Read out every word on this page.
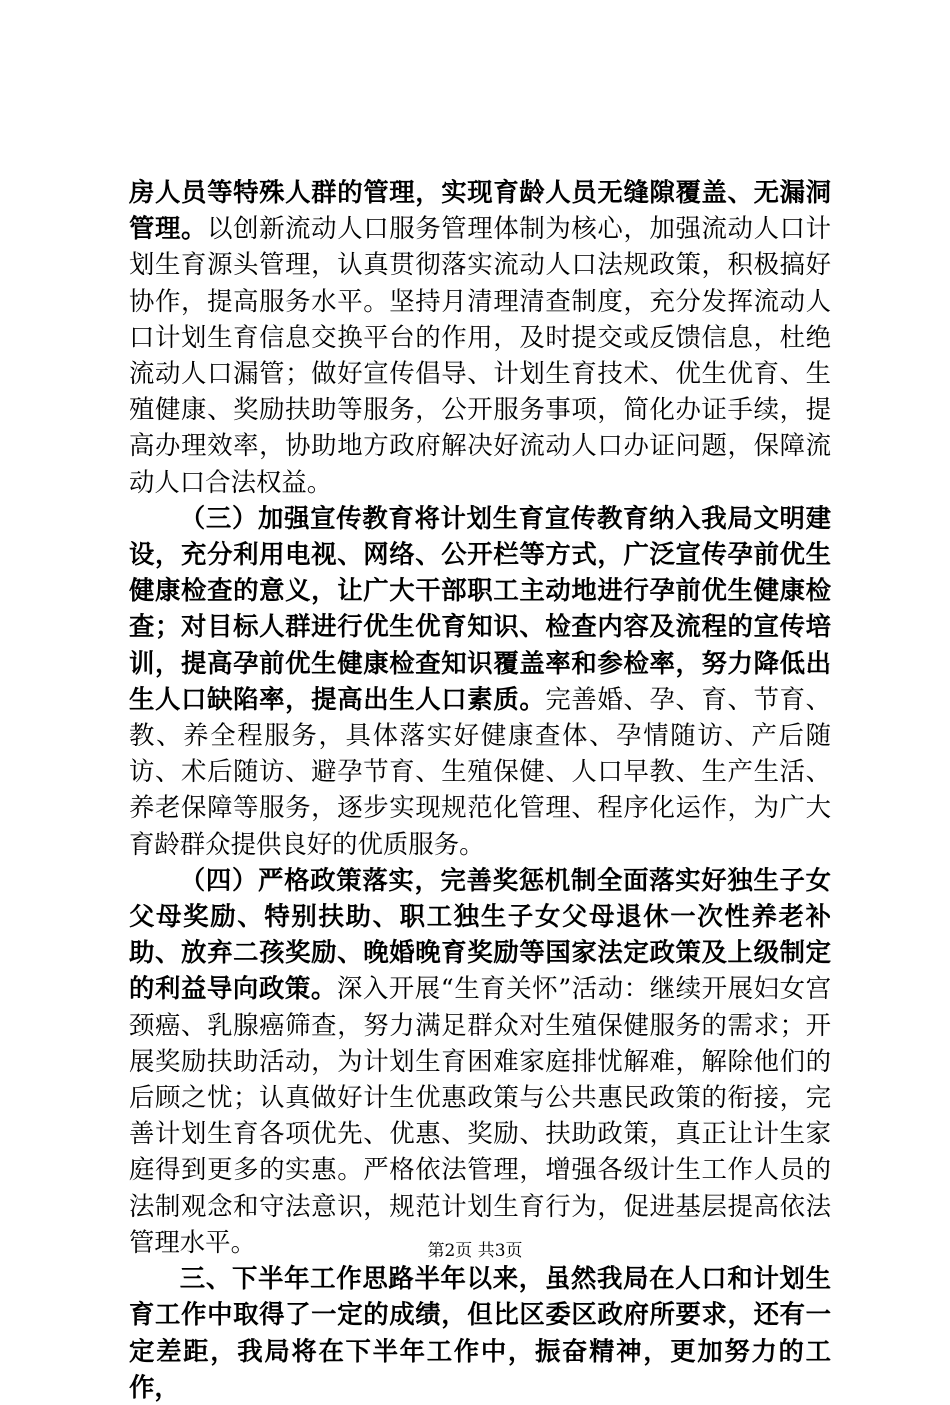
房人员等特殊人群的管理，实现育龄人员无缝隙覆盖、无漏洞管理。以创新流动人口服务管理体制为核心，加强流动人口计划生育源头管理，认真贯彻落实流动人口法规政策，积极搞好协作，提高服务水平。坚持月清理清查制度，充分发挥流动人口计划生育信息交换平台的作用，及时提交或反馈信息，杜绝流动人口漏管；做好宣传倡导、计划生育技术、优生优育、生殖健康、奖励扶助等服务，公开服务事项，简化办证手续，提高办理效率，协助地方政府解决好流动人口办证问题，保障流动人口合法权益。

（三）加强宣传教育将计划生育宣传教育纳入我局文明建设，充分利用电视、网络、公开栏等方式，广泛宣传孕前优生健康检查的意义，让广大干部职工主动地进行孕前优生健康检查；对目标人群进行优生优育知识、检查内容及流程的宣传培训，提高孕前优生健康检查知识覆盖率和参检率，努力降低出生人口缺陷率，提高出生人口素质。完善婚、孕、育、节育、教、养全程服务，具体落实好健康查体、孕情随访、产后随访、术后随访、避孕节育、生殖保健、人口早教、生产生活、养老保障等服务，逐步实现规范化管理、程序化运作，为广大育龄群众提供良好的优质服务。

（四）严格政策落实，完善奖惩机制全面落实好独生子女父母奖励、特别扶助、职工独生子女父母退休一次性养老补助、放弃二孩奖励、晚婚晚育奖励等国家法定政策及上级制定的利益导向政策。深入开展“生育关怀”活动：继续开展妇女宫颈癌、乳腺癌筛查，努力满足群众对生殖保健服务的需求；开展奖励扶助活动，为计划生育困难家庭排忧解难，解除他们的后顾之忧；认真做好计生优惠政策与公共惠民政策的衔接，完善计划生育各项优先、优惠、奖励、扶助政策，真正让计生家庭得到更多的实惠。严格依法管理，增强各级计生工作人员的法制观念和守法意识，规范计划生育行为，促进基层提高依法管理水平。

三、下半年工作思路半年以来，虽然我局在人口和计划生育工作中取得了一定的成绩，但比区委区政府所要求，还有一定差距，我局将在下半年工作中，振奋精神，更加努力的工作，

第2页 共3页
